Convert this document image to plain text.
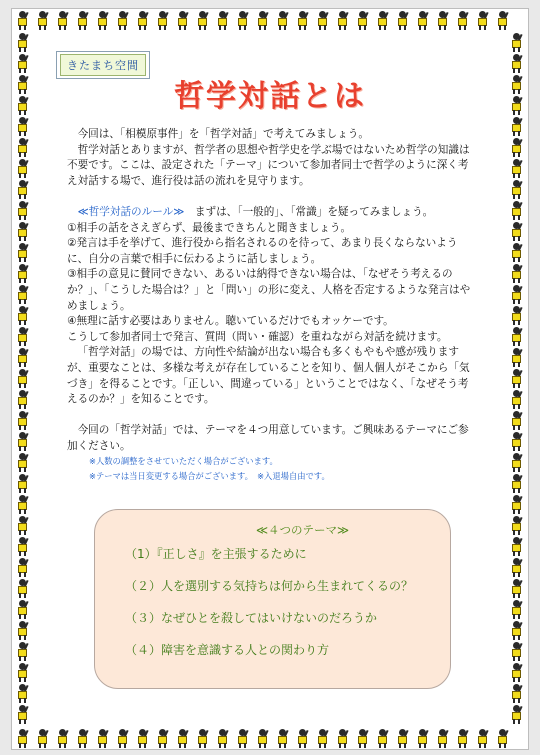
きたまち空間
哲学対話とは

今回は、「相模原事件」を「哲学対話」で考えてみましょう。

哲学対話とありますが、哲学者の思想や哲学史を学ぶ場ではないため哲学の知識は不要です。ここは、設定された「テーマ」について参加者同士で哲学のように深く考え対話する場で、進行役は話の流れを見守ります。

≪哲学対話のルール≫　 まずは、「一般的」、「常識」を疑ってみましょう。

①相手の話をさえぎらず、最後まできちんと聞きましょう。

②発言は手を挙げて、進行役から指名されるのを待って、あまり長くならないように、自分の言葉で相手に伝わるように話しましょう。

③相手の意見に賛同できない、あるいは納得できない場合は、「なぜそう考えるのか？」、「こうした場合は？」と「問い」の形に変え、人格を否定するような発言はやめましょう。

④無理に話す必要はありません。聴いているだけでもオッケーです。

こうして参加者同士で発言、質問（問い・確認）を重ねながら対話を続けます。

「哲学対話」の場では、方向性や結論が出ない場合も多くもやもや感が残りますが、重要なことは、多様な考えが存在していることを知り、個人個人がそこから「気づき」を得ることです。「正しい、間違っている」ということではなく、「なぜそう考えるのか？」を知ることです。

今回の「哲学対話」では、テーマを４つ用意しています。ご興味あるテーマにご参加ください。

※人数の調整をさせていただく場合がございます。

※テーマは当日変更する場合がございます。　※入退場自由です。

≪４つのテーマ≫
（1）『正しさ』を主張するために
（２）人を選別する気持ちは何から生まれてくるの？
（３）なぜひとを殺してはいけないのだろうか
（４）障害を意識する人との関わり方
